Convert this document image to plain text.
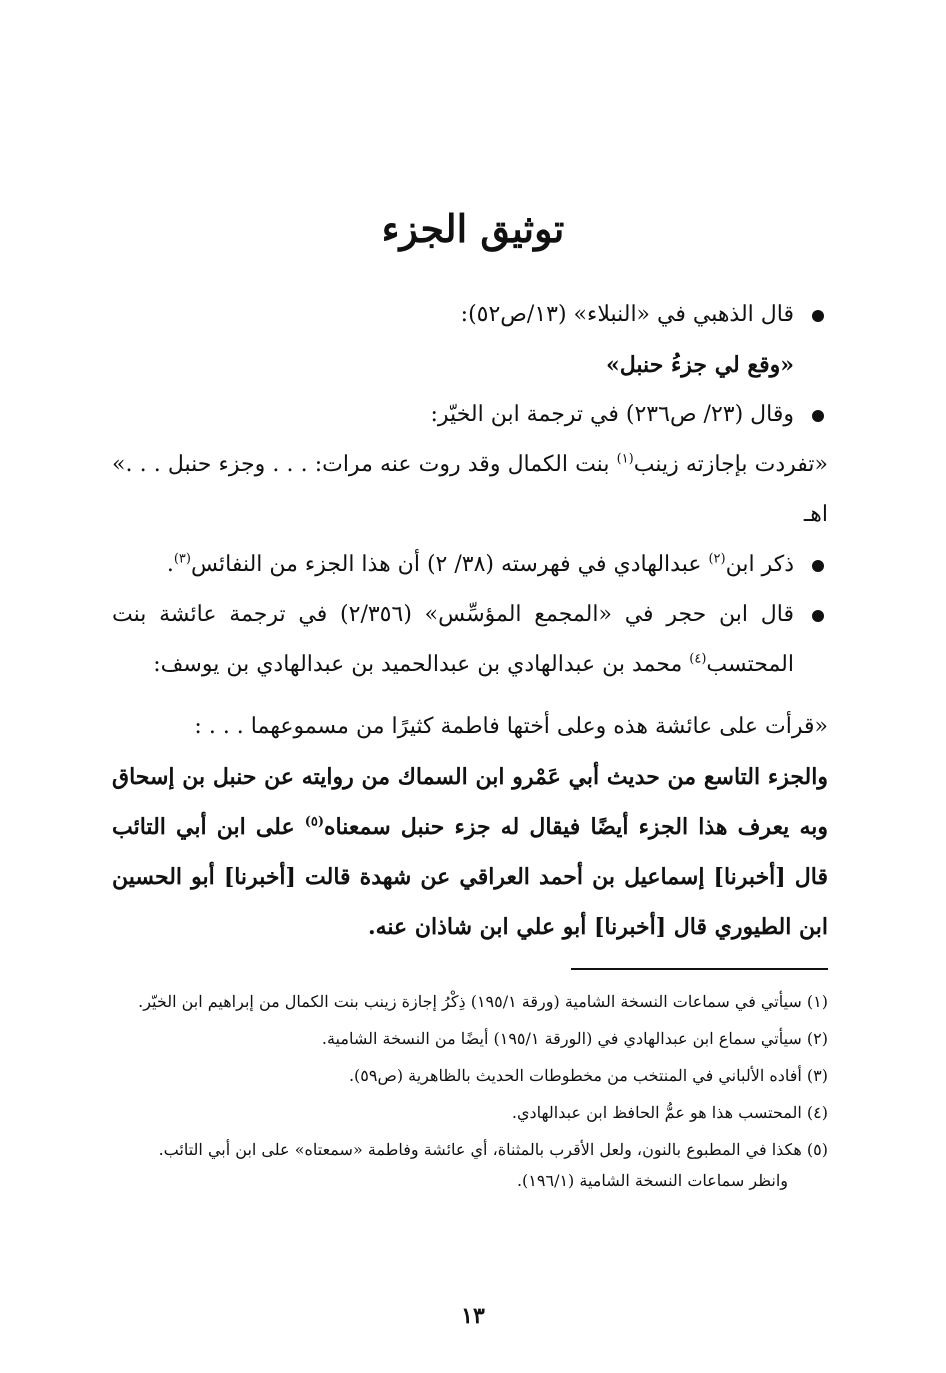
توثيق الجزء

قال الذهبي في «النبلاء» (١٣/ص٥٢):

«وقع لي جزءُ حنبل»

وقال (٢٣/ ص٢٣٦) في ترجمة ابن الخيّر:

«تفردت بإجازته زينب$^{(١)}$ بنت الكمال وقد روت عنه مرات: . . . وجزء حنبل . . .» اهـ

ذكر ابن$^{(٢)}$ عبدالهادي في فهرسته (٣٨/ ٢) أن هذا الجزء من النفائس$^{(٣)}$.

قال ابن حجر في «المجمع المؤسِّس» (٢/٣٥٦) في ترجمة عائشة بنت المحتسب$^{(٤)}$ محمد بن عبدالهادي بن عبدالحميد بن عبدالهادي بن يوسف:

«قرأت على عائشة هذه وعلى أختها فاطمة كثيرًا من مسموعهما . . . :

والجزء التاسع من حديث أبي عَمْرو ابن السماك من روايته عن حنبل بن إسحاق وبه يعرف هذا الجزء أيضًا فيقال له جزء حنبل سمعناه$^{(٥)}$ على ابن أبي التائب قال [أخبرنا] إسماعيل بن أحمد العراقي عن شهدة قالت [أخبرنا] أبو الحسين ابن الطيوري قال [أخبرنا] أبو علي ابن شاذان عنه.

(١) سيأتي في سماعات النسخة الشامية (ورقة ١٩٥/١) ذِكْرُ إجازة زينب بنت الكمال من إبراهيم ابن الخيّر.

(٢) سيأتي سماع ابن عبدالهادي في (الورقة ١٩٥/١) أيضًا من النسخة الشامية.

(٣) أفاده الألباني في المنتخب من مخطوطات الحديث بالظاهرية (ص٥٩).

(٤) المحتسب هذا هو عمُّ الحافظ ابن عبدالهادي.

(٥) هكذا في المطبوع بالنون، ولعل الأقرب بالمثناة، أي عائشة وفاطمة «سمعتاه» على ابن أبي التائب.

وانظر سماعات النسخة الشامية (١٩٦/١).

١٣
